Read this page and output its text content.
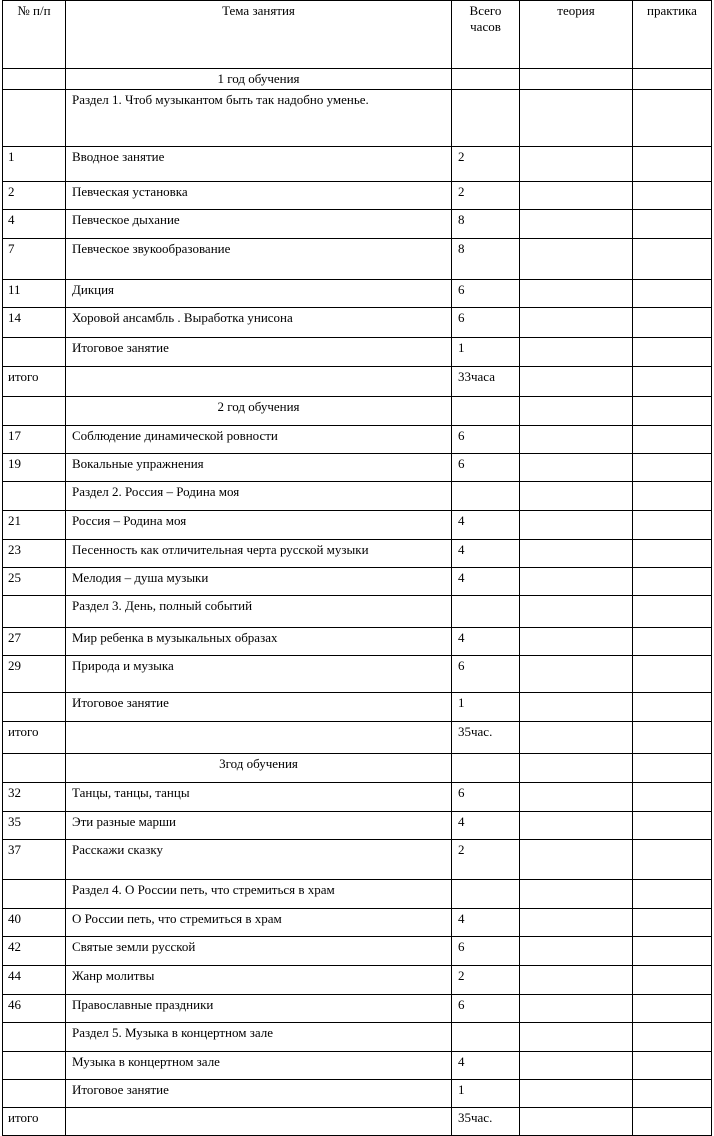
№ п/п	Тема занятия	Всего часов	теория	практика
	1 год обучения			
	Раздел 1. Чтоб музыкантом быть так надобно уменье.			
1	Вводное занятие	2		
2	Певческая установка	2		
4	Певческое дыхание	8		
7	Певческое звукообразование	8		
11	Дикция	6		
14	Хоровой ансамбль . Выработка унисона	6		
	Итоговое занятие	1		
итого		33часа		
	2 год обучения			
17	Соблюдение динамической ровности	6		
19	Вокальные упражнения	6		
	Раздел 2. Россия – Родина моя			
21	Россия – Родина моя	4		
23	Песенность как отличительная черта русской музыки	4		
25	Мелодия – душа музыки	4		
	Раздел 3. День, полный событий			
27	Мир ребенка в музыкальных образах	4		
29	Природа и музыка	6		
	Итоговое занятие	1		
итого		35час.		
	3год обучения			
32	Танцы, танцы, танцы	6		
35	Эти разные марши	4		
37	Расскажи сказку	2		
	Раздел 4. О России петь, что стремиться в храм			
40	О России петь, что стремиться в храм	4		
42	Святые земли русской	6		
44	Жанр молитвы	2		
46	Православные праздники	6		
	Раздел 5. Музыка в концертном зале			
	Музыка в концертном зале	4		
	Итоговое занятие	1		
итого		35час.		
